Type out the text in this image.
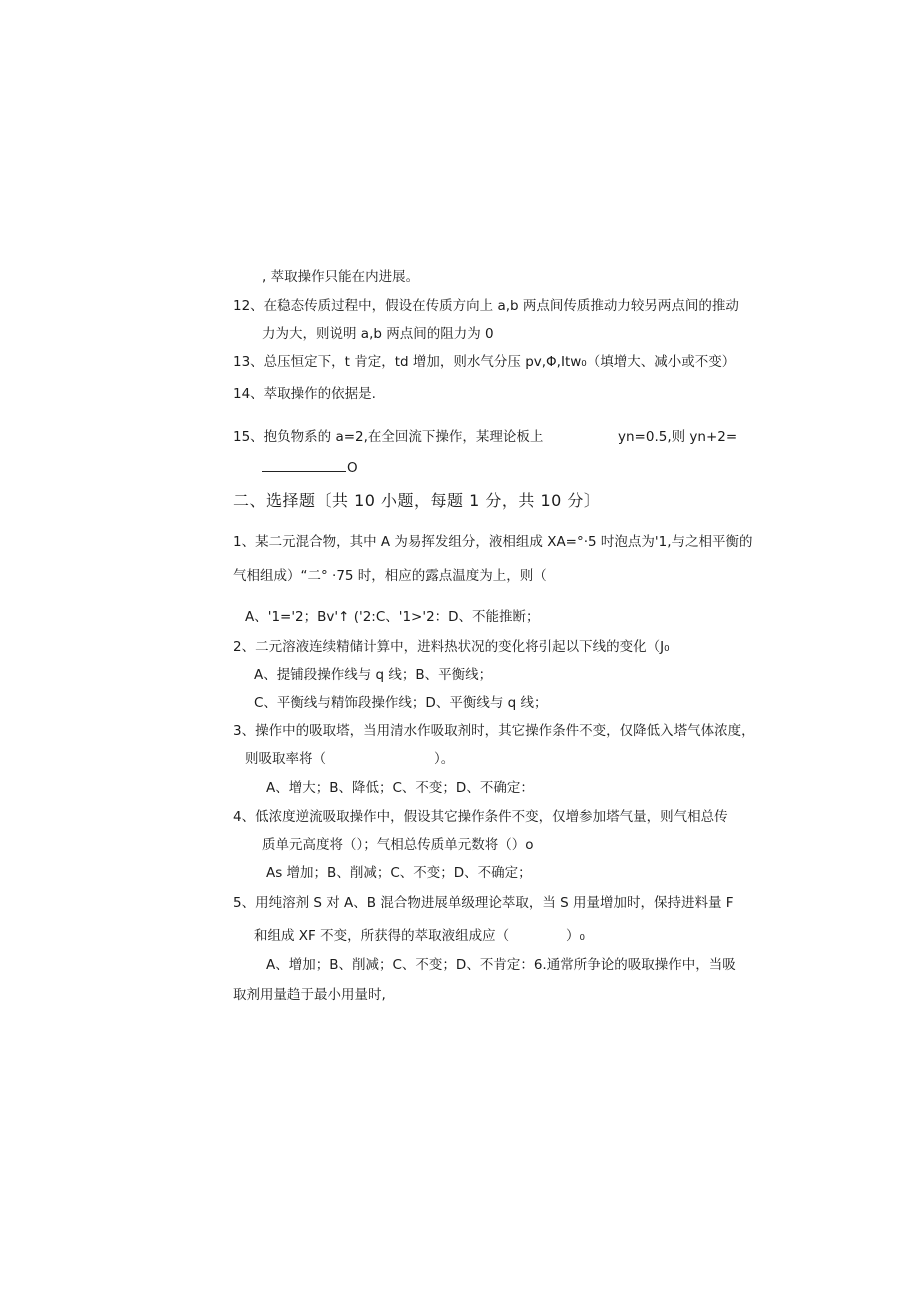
, 萃取操作只能在内进展。
12、在稳态传质过程中，假设在传质方向上 a,b 两点间传质推动力较另两点间的推动
力为大，则说明 a,b 两点间的阻力为 0
13、总压恒定下，t 肯定，td 增加，则水气分压 pv,Φ,Itw₀（填增大、减小或不变）
14、萃取操作的依据是.
15、抱负物系的 a=2,在全回流下操作，某理论板上	yn=0.5,则 yn+2=
O
二、选择题〔共 10 小题，每题 1 分，共 10 分〕
1、某二元混合物，其中 A 为易挥发组分，液相组成 XA=°·5 吋泡点为'1,与之相平衡的
气相组成）“二° ·75 时，相应的露点温度为上，则（
A、'1='2；Bv'↑ ('2:C、'1>'2：D、不能推断；
2、二元溶液连续精储计算中，进料热状况的变化将引起以下线的变化（J₀
A、提铺段操作线与 q 线；B、平衡线；
C、平衡线与精饰段操作线；D、平衡线与 q 线；
3、操作中的吸取塔，当用清水作吸取剂时，其它操作条件不变，仅降低入塔气体浓度，
则吸取率将（	）。
A、增大；B、降低；C、不变；D、不确定：
4、低浓度逆流吸取操作中，假设其它操作条件不变，仅增参加塔气量，则气相总传
质单元高度将（）；气相总传质单元数将（）o
As 增加；B、削减；C、不变；D、不确定；
5、用纯溶剂 S 对 A、B 混合物进展单级理论萃取，当 S 用量增加时，保持进料量 F
和组成 XF 不变，所获得的萃取液组成应（	）₀
A、增加；B、削减；C、不变；D、不肯定：6.通常所争论的吸取操作中，当吸
取剂用量趋于最小用量时,
